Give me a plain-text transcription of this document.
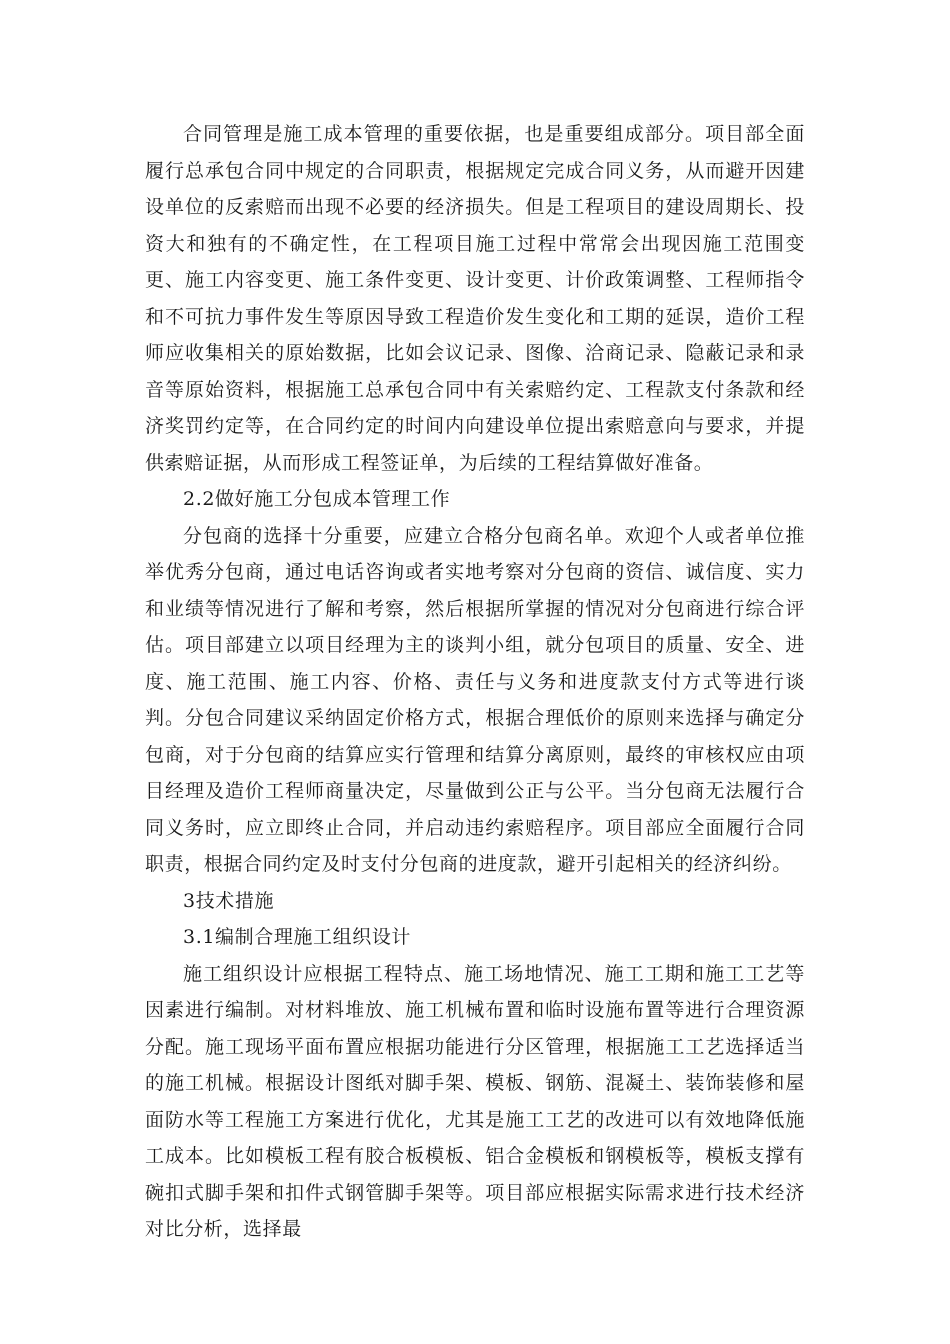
合同管理是施工成本管理的重要依据，也是重要组成部分。项目部全面履行总承包合同中规定的合同职责，根据规定完成合同义务，从而避开因建设单位的反索赔而出现不必要的经济损失。但是工程项目的建设周期长、投资大和独有的不确定性，在工程项目施工过程中常常会出现因施工范围变更、施工内容变更、施工条件变更、设计变更、计价政策调整、工程师指令和不可抗力事件发生等原因导致工程造价发生变化和工期的延误，造价工程师应收集相关的原始数据，比如会议记录、图像、洽商记录、隐蔽记录和录音等原始资料，根据施工总承包合同中有关索赔约定、工程款支付条款和经济奖罚约定等，在合同约定的时间内向建设单位提出索赔意向与要求，并提供索赔证据，从而形成工程签证单，为后续的工程结算做好准备。

2.2做好施工分包成本管理工作

分包商的选择十分重要，应建立合格分包商名单。欢迎个人或者单位推举优秀分包商，通过电话咨询或者实地考察对分包商的资信、诚信度、实力和业绩等情况进行了解和考察，然后根据所掌握的情况对分包商进行综合评估。项目部建立以项目经理为主的谈判小组，就分包项目的质量、安全、进度、施工范围、施工内容、价格、责任与义务和进度款支付方式等进行谈判。分包合同建议采纳固定价格方式，根据合理低价的原则来选择与确定分包商，对于分包商的结算应实行管理和结算分离原则，最终的审核权应由项目经理及造价工程师商量决定，尽量做到公正与公平。当分包商无法履行合同义务时，应立即终止合同，并启动违约索赔程序。项目部应全面履行合同职责，根据合同约定及时支付分包商的进度款，避开引起相关的经济纠纷。

3技术措施

3.1编制合理施工组织设计

施工组织设计应根据工程特点、施工场地情况、施工工期和施工工艺等因素进行编制。对材料堆放、施工机械布置和临时设施布置等进行合理资源分配。施工现场平面布置应根据功能进行分区管理，根据施工工艺选择适当的施工机械。根据设计图纸对脚手架、模板、钢筋、混凝土、装饰装修和屋面防水等工程施工方案进行优化，尤其是施工工艺的改进可以有效地降低施工成本。比如模板工程有胶合板模板、铝合金模板和钢模板等，模板支撑有碗扣式脚手架和扣件式钢管脚手架等。项目部应根据实际需求进行技术经济对比分析，选择最
